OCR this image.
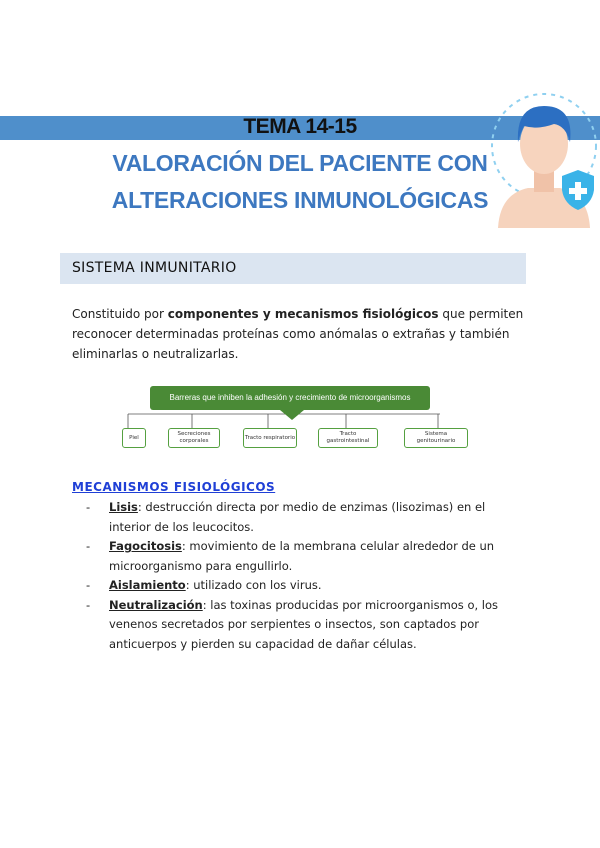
TEMA 14-15
VALORACIÓN DEL PACIENTE CON
ALTERACIONES INMUNOLÓGICAS
SISTEMA INMUNITARIO
Constituido por componentes y mecanismos fisiológicos que permiten reconocer determinadas proteínas como anómalas o extrañas y también eliminarlas o neutralizarlas.
Barreras que inhiben la adhesión y crecimiento de microorganismos
Piel
Secreciones corporales
Tracto respiratorio
Tracto gastrointestinal
Sistema genitourinario
MECANISMOS FISIOLÓGICOS
- Lisis: destrucción directa por medio de enzimas (lisozimas) en el interior de los leucocitos.
- Fagocitosis: movimiento de la membrana celular alrededor de un microorganismo para engullirlo.
- Aislamiento: utilizado con los virus.
- Neutralización: las toxinas producidas por microorganismos o, los venenos secretados por serpientes o insectos, son captados por anticuerpos y pierden su capacidad de dañar células.
